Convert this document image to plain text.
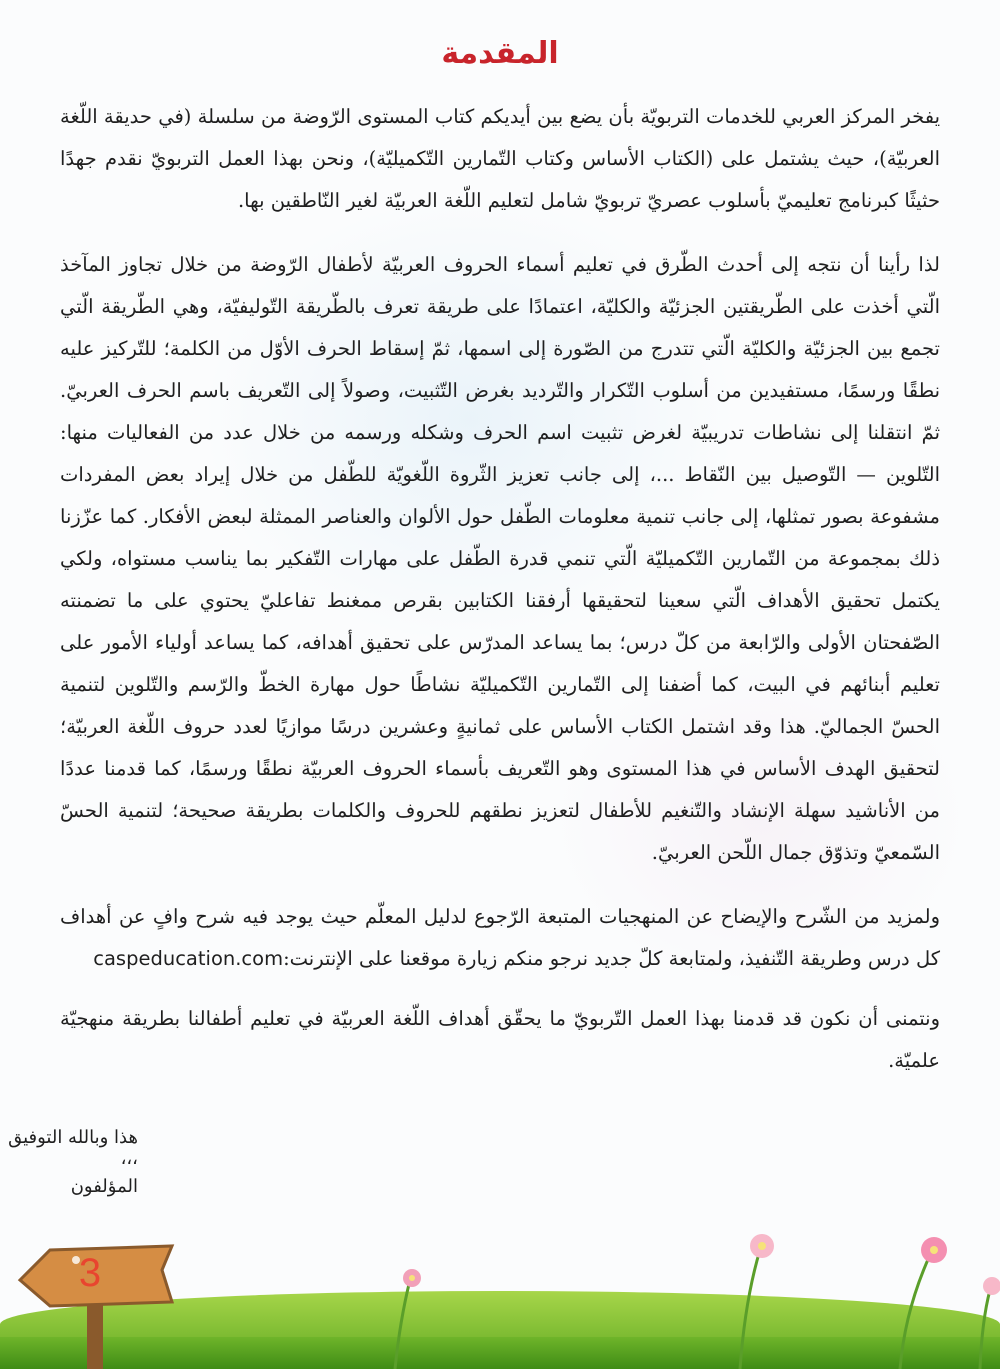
المقدمة

يفخر المركز العربي للخدمات التربويّة بأن يضع بين أيديكم كتاب المستوى الرّوضة من سلسلة (في حديقة اللّغة العربيّة)، حيث يشتمل على (الكتاب الأساس وكتاب التّمارين التّكميليّة)، ونحن بهذا العمل التربويّ نقدم جهدًا حثيثًا كبرنامج تعليميّ بأسلوب عصريّ تربويّ شامل لتعليم اللّغة العربيّة لغير النّاطقين بها.

لذا رأينا أن نتجه إلى أحدث الطّرق في تعليم أسماء الحروف العربيّة لأطفال الرّوضة من خلال تجاوز المآخذ الّتي أخذت على الطّريقتين الجزئيّة والكليّة، اعتمادًا على طريقة تعرف بالطّريقة التّوليفيّة، وهي الطّريقة الّتي تجمع بين الجزئيّة والكليّة الّتي تتدرج من الصّورة إلى اسمها، ثمّ إسقاط الحرف الأوّل من الكلمة؛ للتّركيز عليه نطقًا ورسمًا، مستفيدين من أسلوب التّكرار والتّرديد بغرض التّثبيت، وصولاً إلى التّعريف باسم الحرف العربيّ. ثمّ انتقلنا إلى نشاطات تدريبيّة لغرض تثبيت اسم الحرف وشكله ورسمه من خلال عدد من الفعاليات منها: التّلوين — التّوصيل بين النّقاط ...، إلى جانب تعزيز الثّروة اللّغويّة للطّفل من خلال إيراد بعض المفردات مشفوعة بصور تمثلها، إلى جانب تنمية معلومات الطّفل حول الألوان والعناصر الممثلة لبعض الأفكار. كما عزّزنا ذلك بمجموعة من التّمارين التّكميليّة الّتي تنمي قدرة الطّفل على مهارات التّفكير بما يناسب مستواه، ولكي يكتمل تحقيق الأهداف الّتي سعينا لتحقيقها أرفقنا الكتابين بقرص ممغنط تفاعليّ يحتوي على ما تضمنته الصّفحتان الأولى والرّابعة من كلّ درس؛ بما يساعد المدرّس على تحقيق أهدافه، كما يساعد أولياء الأمور على تعليم أبنائهم في البيت، كما أضفنا إلى التّمارين التّكميليّة نشاطًا حول مهارة الخطّ والرّسم والتّلوين لتنمية الحسّ الجماليّ. هذا وقد اشتمل الكتاب الأساس على ثمانيةٍ وعشرين درسًا موازيًا لعدد حروف اللّغة العربيّة؛ لتحقيق الهدف الأساس في هذا المستوى وهو التّعريف بأسماء الحروف العربيّة نطقًا ورسمًا، كما قدمنا عددًا من الأناشيد سهلة الإنشاد والتّنغيم للأطفال لتعزيز نطقهم للحروف والكلمات بطريقة صحيحة؛ لتنمية الحسّ السّمعيّ وتذوّق جمال اللّحن العربيّ.

ولمزيد من الشّرح والإيضاح عن المنهجيات المتبعة الرّجوع لدليل المعلّم حيث يوجد فيه شرح وافٍ عن أهداف كل درس وطريقة التّنفيذ، ولمتابعة كلّ جديد نرجو منكم زيارة موقعنا على الإنترنت:caspeducation.com

ونتمنى أن نكون قد قدمنا بهذا العمل التّربويّ ما يحقّق أهداف اللّغة العربيّة في تعليم أطفالنا بطريقة منهجيّة علميّة.

هذا وبالله التوفيق ،،،
المؤلفون
3
